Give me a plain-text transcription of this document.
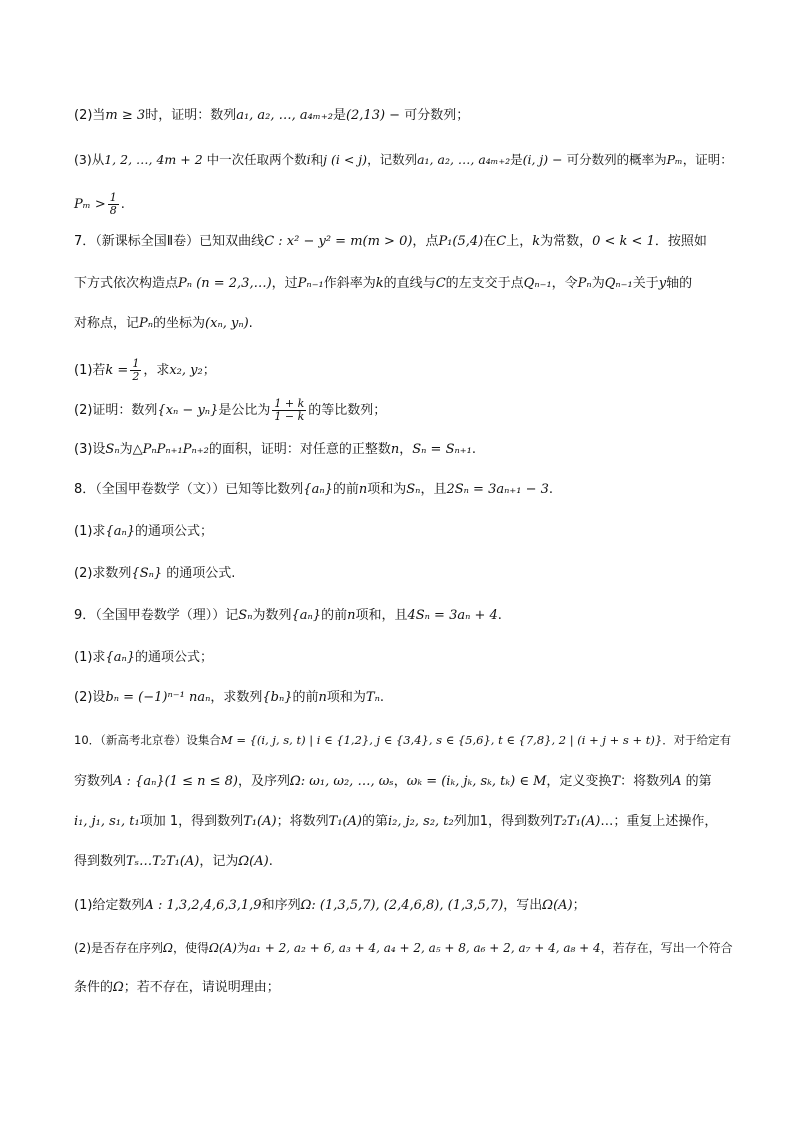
(2)当m ≥ 3时，证明：数列a₁, a₂, …, a₄ₘ₊₂是(2,13) − 可分数列；
(3)从1, 2, …, 4m + 2 中一次任取两个数i和j (i < j)，记数列a₁, a₂, …, a₄ₘ₊₂是(i, j) − 可分数列的概率为Pₘ，证明：
$P_m > \frac{1}{8}$ .
7．（新课标全国Ⅱ卷）已知双曲线C : x² − y² = m(m > 0)，点P₁(5,4)在C上，k为常数，0 < k < 1．按照如
下方式依次构造点Pₙ (n = 2,3,…)，过Pₙ₋₁作斜率为k的直线与C的左支交于点Qₙ₋₁，令Pₙ为Qₙ₋₁关于y轴的
对称点，记Pₙ的坐标为(xₙ, yₙ).
(1)若$k = \frac{1}{2}$ ，求x₂, y₂；
(2)证明：数列{xₙ − yₙ}是公比为 $\frac{1 + k}{1 - k}$ 的等比数列；
(3)设Sₙ为△PₙPₙ₊₁Pₙ₊₂的面积，证明：对任意的正整数n，Sₙ = Sₙ₊₁.
8．（全国甲卷数学（文））已知等比数列{aₙ}的前n项和为Sₙ，且2Sₙ = 3aₙ₊₁ − 3.
(1)求{aₙ}的通项公式；
(2)求数列{Sₙ} 的通项公式.
9．（全国甲卷数学（理））记Sₙ为数列{aₙ}的前n项和，且4Sₙ = 3aₙ + 4.
(1)求{aₙ}的通项公式；
(2)设bₙ = (−1)ⁿ⁻¹ naₙ，求数列{bₙ}的前n项和为Tₙ.
10．（新高考北京卷）设集合M = {(i, j, s, t) | i ∈ {1,2}, j ∈ {3,4}, s ∈ {5,6}, t ∈ {7,8}, 2 | (i + j + s + t)}．对于给定有
穷数列A : {aₙ}(1 ≤ n ≤ 8)，及序列Ω: ω₁, ω₂, …, ωₛ，ωₖ = (iₖ, jₖ, sₖ, tₖ) ∈ M，定义变换T：将数列A 的第
i₁, j₁, s₁, t₁项加 1，得到数列T₁(A)；将数列T₁(A)的第i₂, j₂, s₂, t₂列加1，得到数列T₂T₁(A)…；重复上述操作，
得到数列Tₛ…T₂T₁(A)，记为Ω(A).
(1)给定数列A : 1,3,2,4,6,3,1,9和序列Ω: (1,3,5,7), (2,4,6,8), (1,3,5,7)，写出Ω(A)；
(2)是否存在序列Ω，使得Ω(A)为a₁ + 2, a₂ + 6, a₃ + 4, a₄ + 2, a₅ + 8, a₆ + 2, a₇ + 4, a₈ + 4，若存在，写出一个符合
条件的Ω；若不存在，请说明理由；
